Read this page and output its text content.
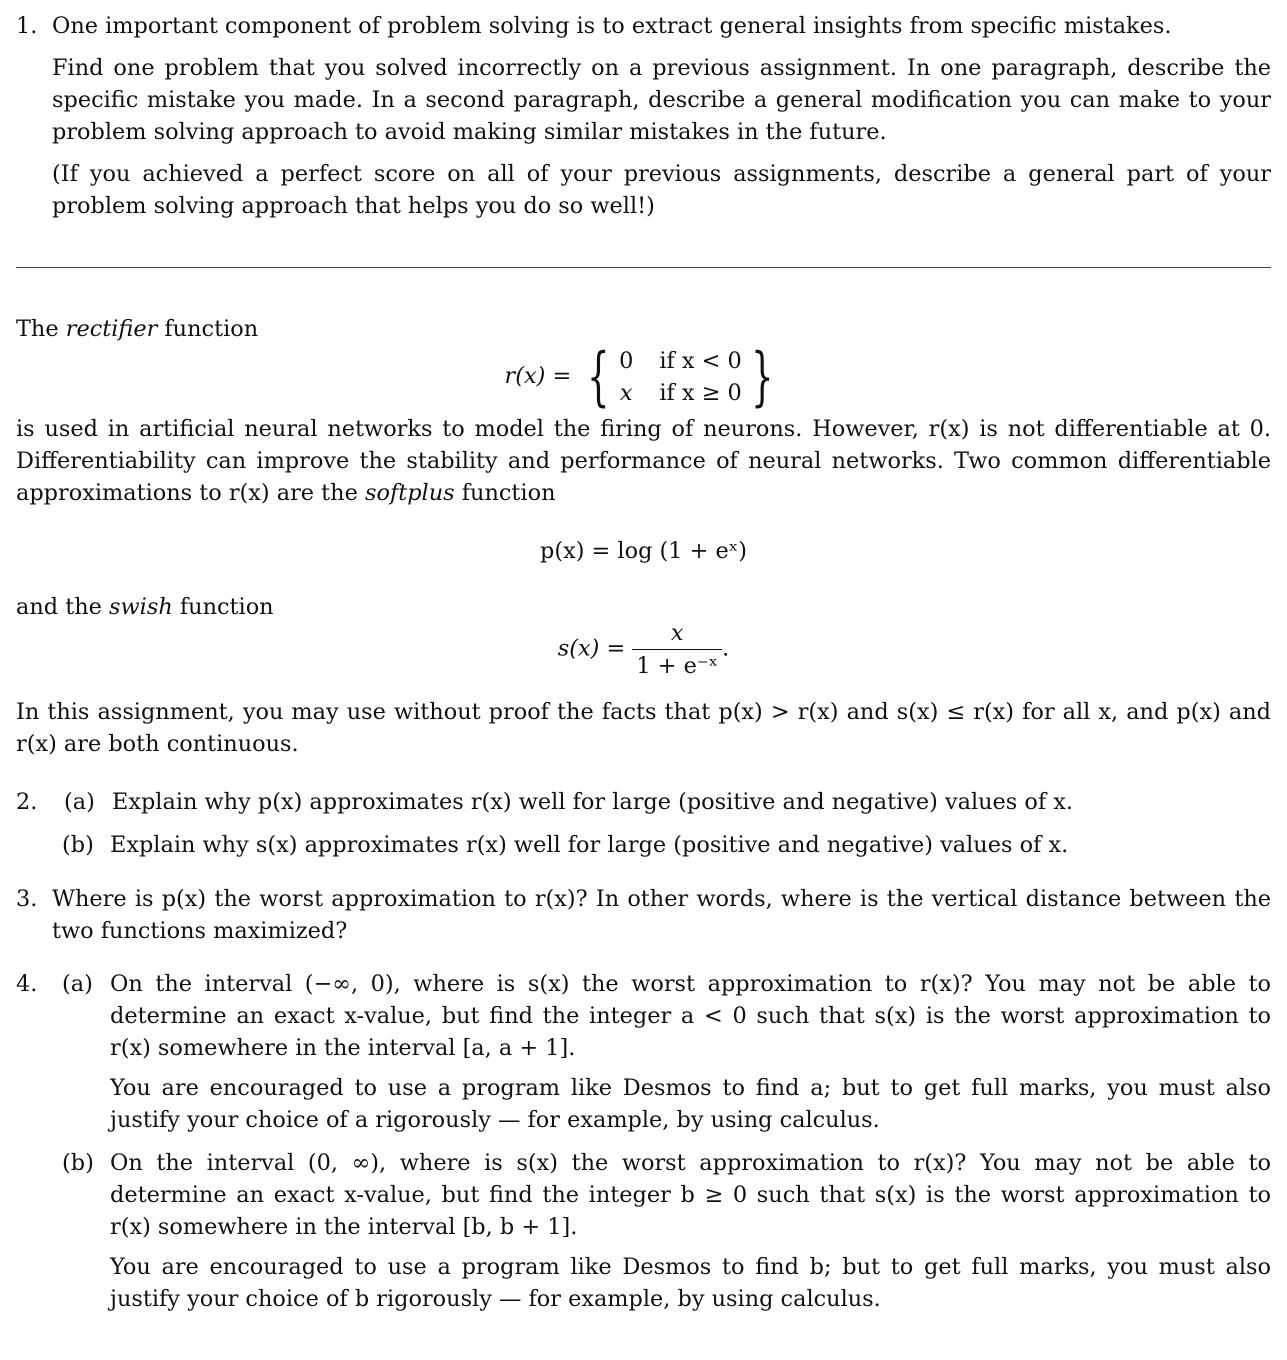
1. One important component of problem solving is to extract general insights from specific mistakes.

Find one problem that you solved incorrectly on a previous assignment. In one paragraph, describe the specific mistake you made. In a second paragraph, describe a general modification you can make to your problem solving approach to avoid making similar mistakes in the future.

(If you achieved a perfect score on all of your previous assignments, describe a general part of your problem solving approach that helps you do so well!)

The rectifier function

r(x) = { 0 if x < 0
x if x ≥ 0 }

is used in artificial neural networks to model the firing of neurons. However, r(x) is not differentiable at 0. Differentiability can improve the stability and performance of neural networks. Two common differentiable approximations to r(x) are the softplus function

p(x) = log (1 + eˣ)

and the swish function

$s(x) = \frac{x}{\text{1 + e⁻ˣ}}$ .

In this assignment, you may use without proof the facts that p(x) > r(x) and s(x) ≤ r(x) for all x, and p(x) and r(x) are both continuous.

2. (a) Explain why p(x) approximates r(x) well for large (positive and negative) values of x.

(b) Explain why s(x) approximates r(x) well for large (positive and negative) values of x.

3. Where is p(x) the worst approximation to r(x)? In other words, where is the vertical distance between the two functions maximized?

4. (a) On the interval (−∞, 0), where is s(x) the worst approximation to r(x)? You may not be able to determine an exact x-value, but find the integer a < 0 such that s(x) is the worst approximation to r(x) somewhere in the interval [a, a + 1].

You are encouraged to use a program like Desmos to find a; but to get full marks, you must also justify your choice of a rigorously — for example, by using calculus.

(b) On the interval (0, ∞), where is s(x) the worst approximation to r(x)? You may not be able to determine an exact x-value, but find the integer b ≥ 0 such that s(x) is the worst approximation to r(x) somewhere in the interval [b, b + 1].

You are encouraged to use a program like Desmos to find b; but to get full marks, you must also justify your choice of b rigorously — for example, by using calculus.
